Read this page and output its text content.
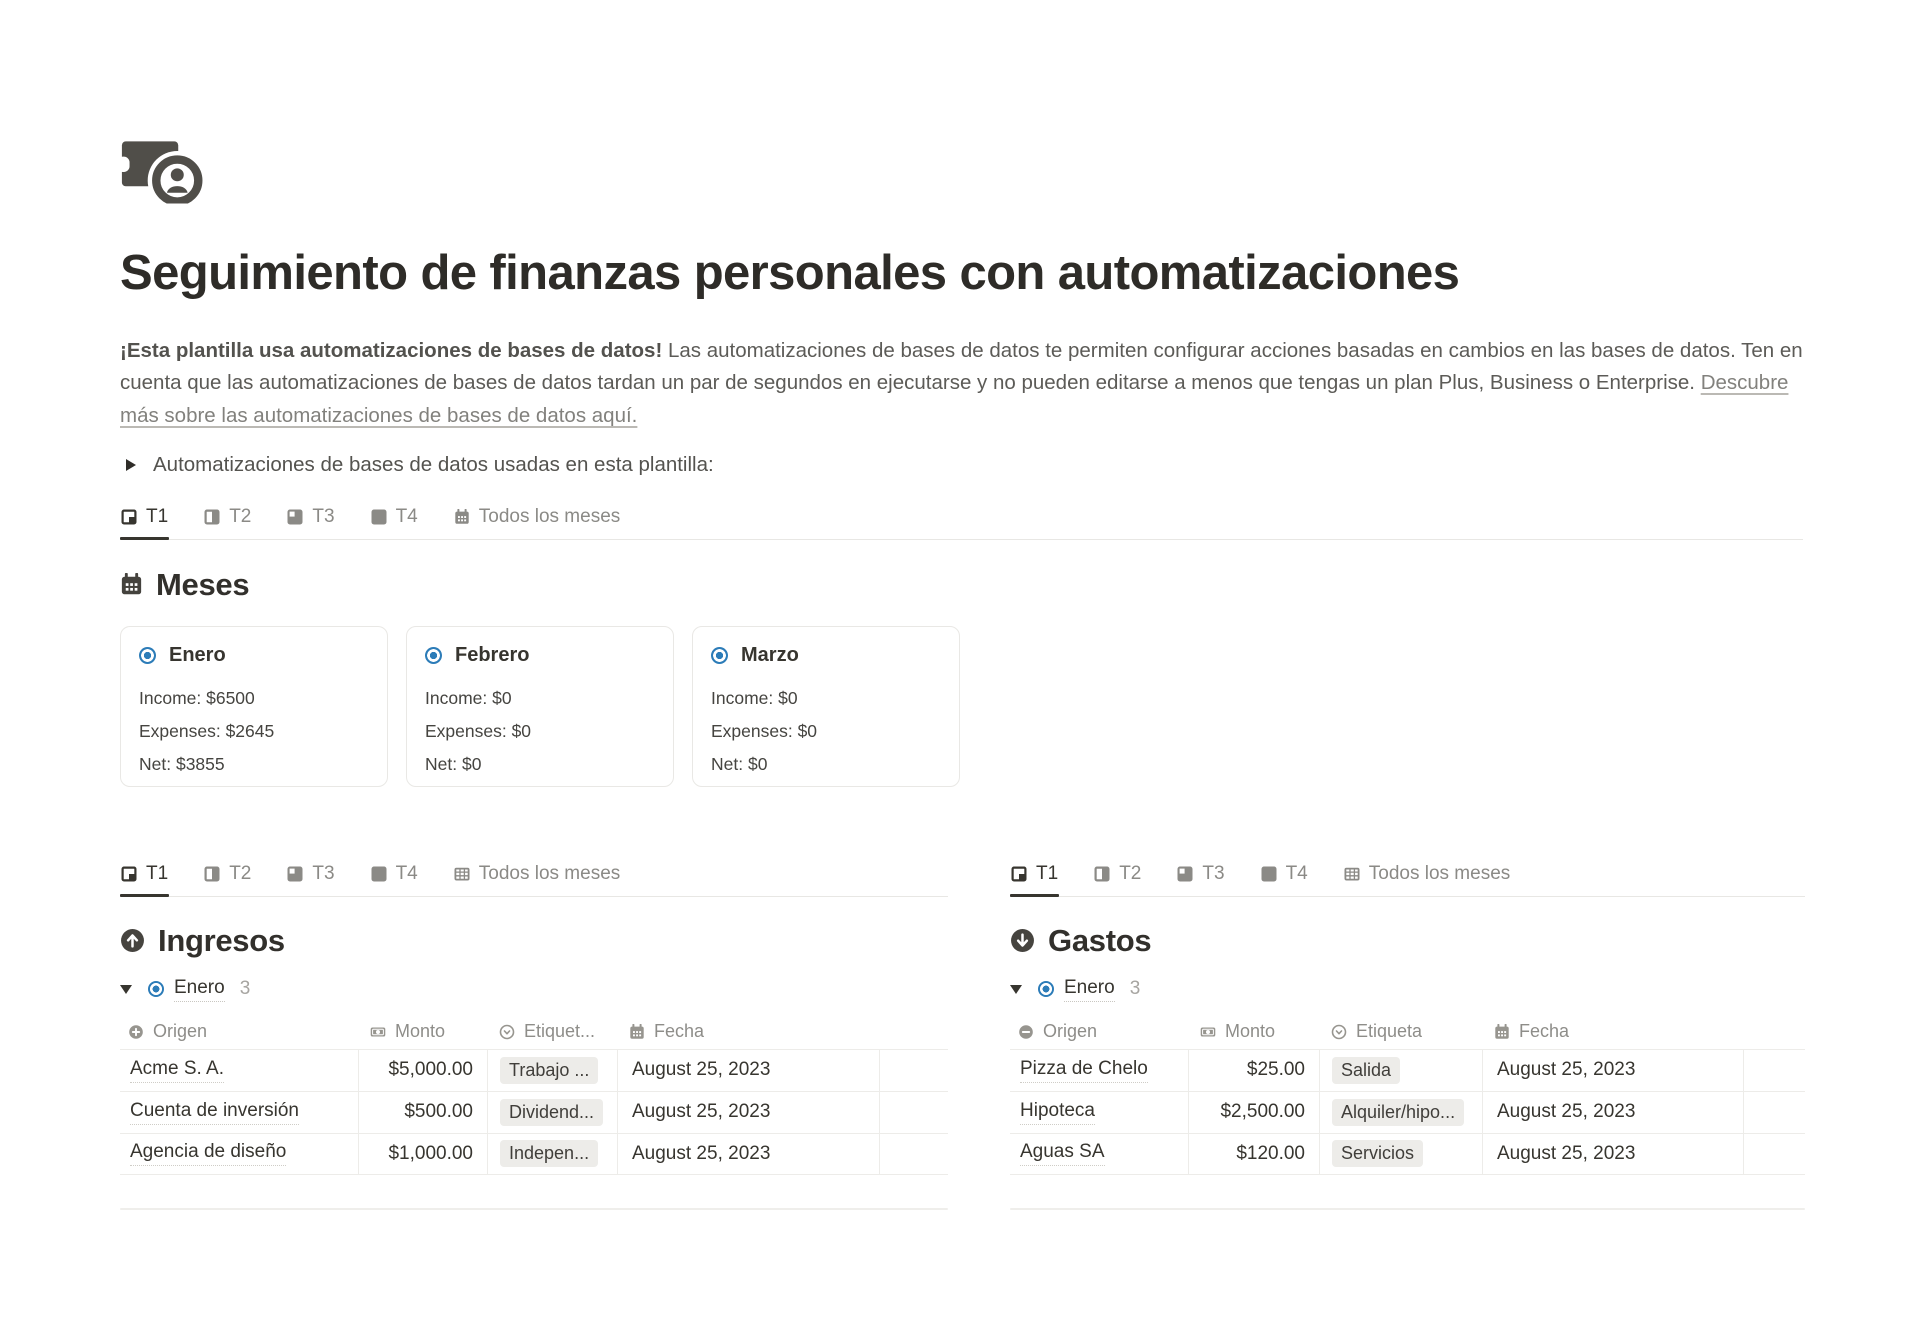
Seguimiento de finanzas personales con automatizaciones

¡Esta plantilla usa automatizaciones de bases de datos! Las automatizaciones de bases de datos te permiten configurar acciones basadas en cambios en las bases de datos. Ten en cuenta que las automatizaciones de bases de datos tardan un par de segundos en ejecutarse y no pueden editarse a menos que tengas un plan Plus, Business o Enterprise. Descubre más sobre las automatizaciones de bases de datos aquí.

Automatizaciones de bases de datos usadas en esta plantilla:
T1	T2	T3	T4	Todos los meses
Meses
Enero
Income: $6500
Expenses: $2645
Net: $3855
Febrero
Income: $0
Expenses: $0
Net: $0
Marzo
Income: $0
Expenses: $0
Net: $0
T1	T2	T3	T4	Todos los meses
Ingresos
Enero 3
Origen	Monto	Etiquet...	Fecha
Acme S. A.	$5,000.00	Trabajo ...	August 25, 2023
Cuenta de inversión	$500.00	Dividend...	August 25, 2023
Agencia de diseño	$1,000.00	Indepen...	August 25, 2023
T1	T2	T3	T4	Todos los meses
Gastos
Enero 3
Origen	Monto	Etiqueta	Fecha
Pizza de Chelo	$25.00	Salida	August 25, 2023
Hipoteca	$2,500.00	Alquiler/hipo...	August 25, 2023
Aguas SA	$120.00	Servicios	August 25, 2023
